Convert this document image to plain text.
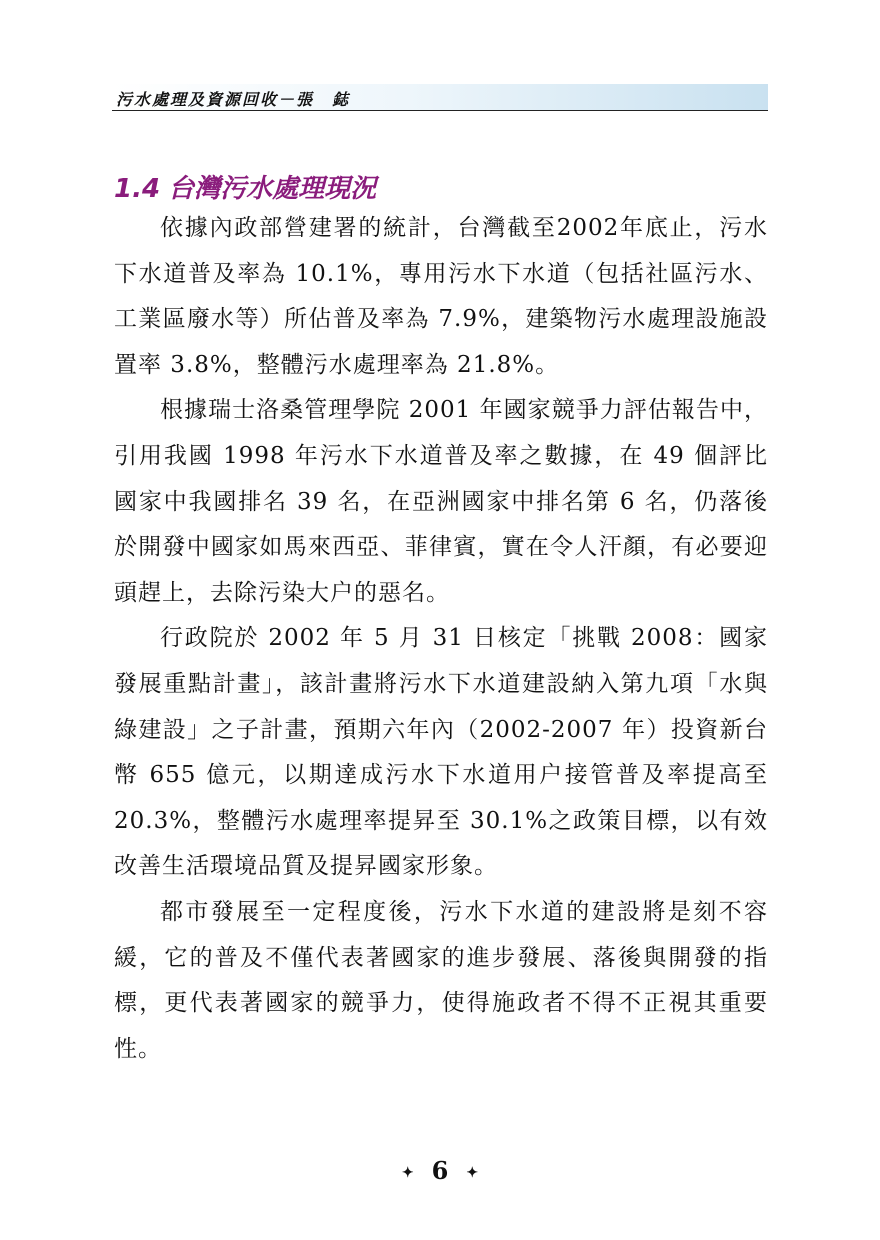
污水處理及資源回收－張　鋕
1.4 台灣污水處理現況

依據內政部營建署的統計，台灣截至2002年底止，污水下水道普及率為 10.1%，專用污水下水道（包括社區污水、工業區廢水等）所佔普及率為 7.9%，建築物污水處理設施設置率 3.8%，整體污水處理率為 21.8%。

根據瑞士洛桑管理學院 2001 年國家競爭力評估報告中，引用我國 1998 年污水下水道普及率之數據，在 49 個評比國家中我國排名 39 名，在亞洲國家中排名第 6 名，仍落後於開發中國家如馬來西亞、菲律賓，實在令人汗顏，有必要迎頭趕上，去除污染大户的惡名。

行政院於 2002 年 5 月 31 日核定「挑戰 2008：國家發展重點計畫」，該計畫將污水下水道建設納入第九項「水與綠建設」之子計畫，預期六年內（2002-2007 年）投資新台幣 655 億元，以期達成污水下水道用户接管普及率提高至 20.3%，整體污水處理率提昇至 30.1%之政策目標，以有效改善生活環境品質及提昇國家形象。

都市發展至一定程度後，污水下水道的建設將是刻不容緩，它的普及不僅代表著國家的進步發展、落後與開發的指標，更代表著國家的競爭力，使得施政者不得不正視其重要性。

✦ 6 ✦
